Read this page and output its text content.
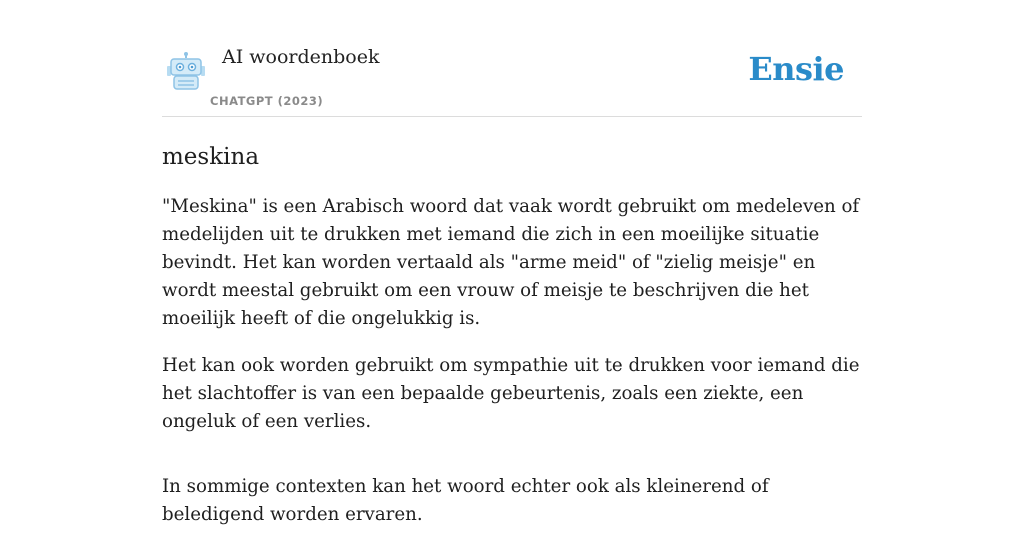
AI woordenboek
CHATGPT (2023)
Ensie
meskina

"Meskina" is een Arabisch woord dat vaak wordt gebruikt om medeleven of medelijden uit te drukken met iemand die zich in een moeilijke situatie bevindt. Het kan worden vertaald als "arme meid" of "zielig meisje" en wordt meestal gebruikt om een vrouw of meisje te beschrijven die het moeilijk heeft of die ongelukkig is.

Het kan ook worden gebruikt om sympathie uit te drukken voor iemand die het slachtoffer is van een bepaalde gebeurtenis, zoals een ziekte, een ongeluk of een verlies.

In sommige contexten kan het woord echter ook als kleinerend of beledigend worden ervaren.
